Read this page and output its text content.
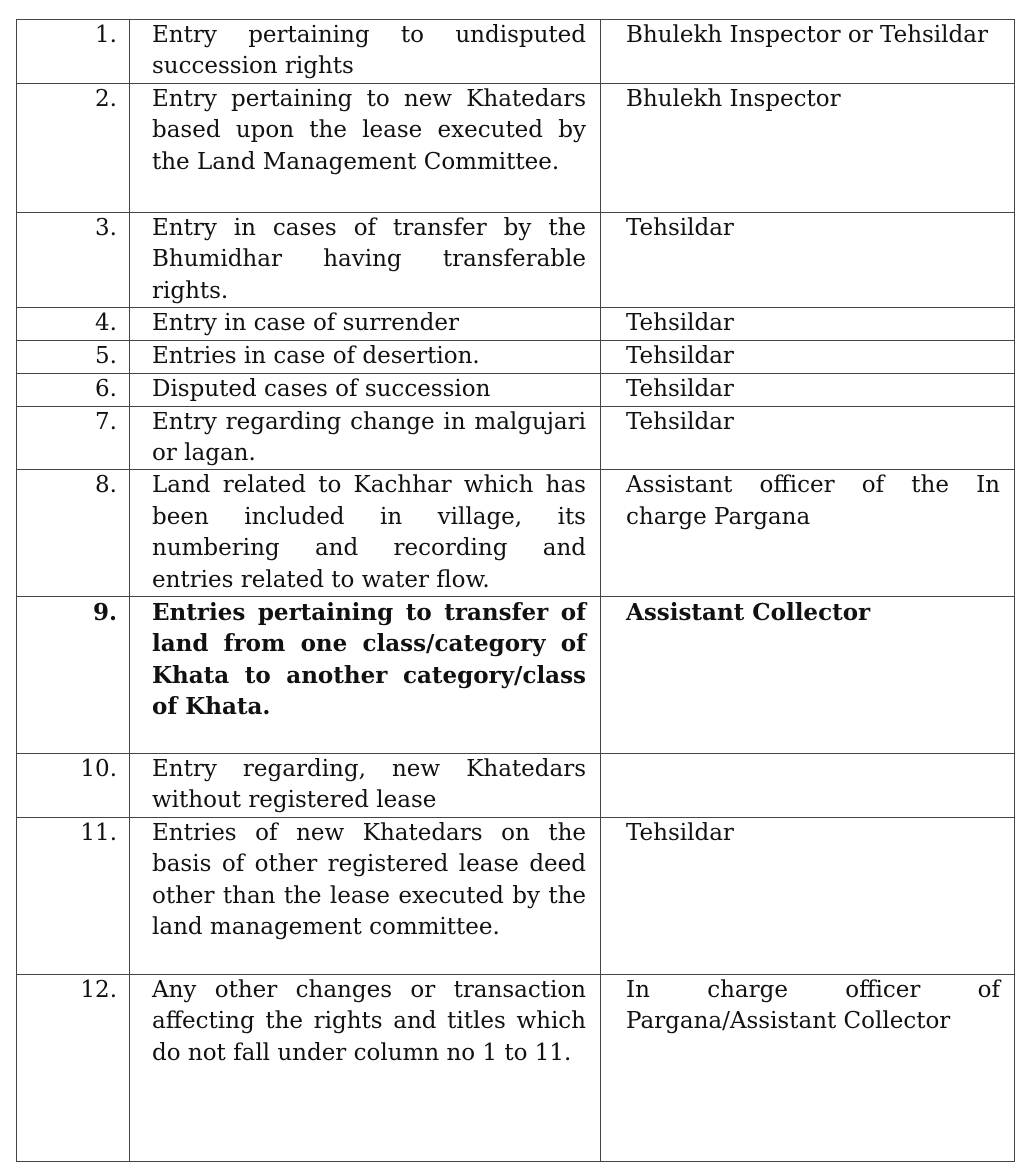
1.	Entry pertaining to undisputed succession rights	Bhulekh Inspector or Tehsildar
2.	Entry pertaining to new Khatedars based upon the lease executed by the Land Management Committee.	Bhulekh Inspector
3.	Entry in cases of transfer by the Bhumidhar having transferable rights.	Tehsildar
4.	Entry in case of surrender	Tehsildar
5.	Entries in case of desertion.	Tehsildar
6.	Disputed cases of succession	Tehsildar
7.	Entry regarding change in malgujari or lagan.	Tehsildar
8.	Land related to Kachhar which has been included in village, its numbering and recording and entries related to water flow.	Assistant officer of the In charge Pargana
9.	Entries pertaining to transfer of land from one class/category of Khata to another category/class of Khata.	Assistant Collector
10.	Entry regarding, new Khatedars without registered lease	
11.	Entries of new Khatedars on the basis of other registered lease deed other than the lease executed by the land management committee.	Tehsildar
12.	Any other changes or transaction affecting the rights and titles which do not fall under column no 1 to 11.	In charge officer of Pargana/Assistant Collector
